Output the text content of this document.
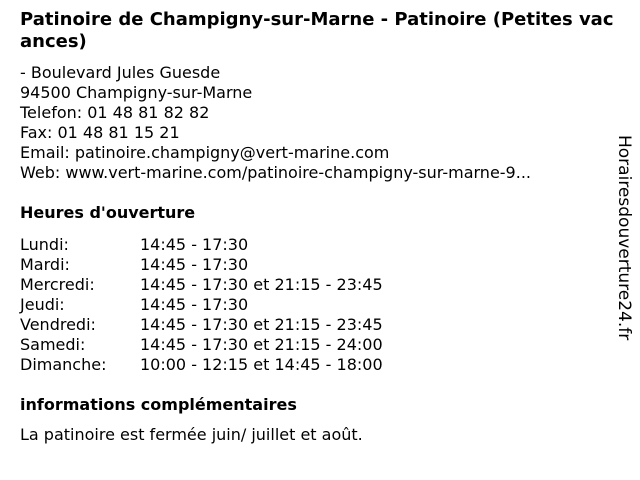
Patinoire de Champigny-sur-Marne - Patinoire (Petites vacances)
- Boulevard Jules Guesde
94500 Champigny-sur-Marne
Telefon: 01 48 81 82 82
Fax: 01 48 81 15 21
Email: patinoire.champigny@vert-marine.com
Web: www.vert-marine.com/patinoire-champigny-sur-marne-9...
Heures d'ouverture
Lundi:	14:45 - 17:30
Mardi:	14:45 - 17:30
Mercredi:	14:45 - 17:30 et 21:15 - 23:45
Jeudi:	14:45 - 17:30
Vendredi:	14:45 - 17:30 et 21:15 - 23:45
Samedi:	14:45 - 17:30 et 21:15 - 24:00
Dimanche:	10:00 - 12:15 et 14:45 - 18:00
informations complémentaires
La patinoire est fermée juin/ juillet et août.
Horairesdouverture24.fr
